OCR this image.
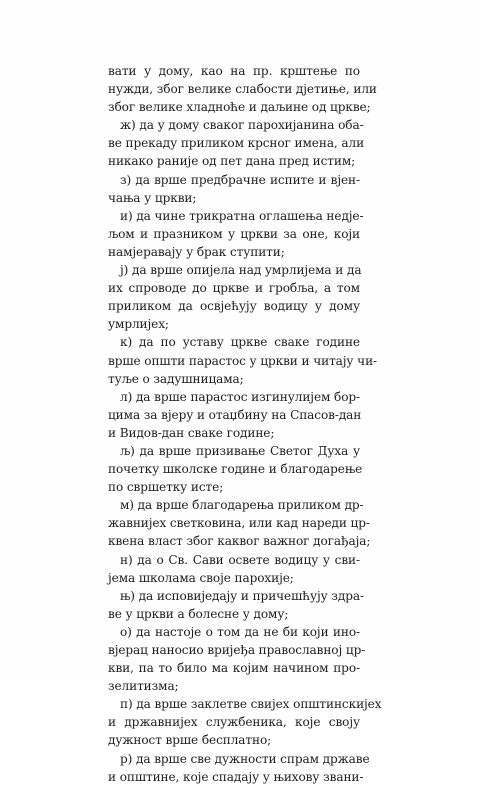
вати у дому, као на пр. крштење по
нужди, због велике слабости дјетиње, или
због велике хладноће и даљине од цркве;
ж) да у дому сваког парохијанина оба-
ве прекаду приликом крсног имена, али
никако раније од пет дана пред истим;
з) да врше предбрачне испите и вјен-
чања у цркви;
и) да чине трикратна оглашења недје-
љом и празником у цркви за оне, који
намјеравају у брак ступити;
ј) да врше опијела над умрлијема и да
их спроводе до цркве и гробља, а том
приликом да освјећују водицу у дому
умрлијех;
к) да по уставу цркве сваке године
врше општи парастос у цркви и читају чи-
туље о задушницама;
л) да врше парастос изгинулијем бор-
цима за вјеру и отаџбину на Спасов-дан
и Видов-дан сваке године;
љ) да врше призивање Светог Духа у
почетку школске године и благодарење
по свршетку исте;
м) да врше благодарења приликом др-
жавнијех светковина, или кад нареди цр-
квена власт због каквог важног догађаја;
н) да о Св. Сави освете водицу у сви-
јема школама своје парохије;
њ) да исповиједају и причешћују здра-
ве у цркви а болесне у дому;
о) да настоје о том да не би који ино-
вјерац наносио вријеђа православној цр-
кви, па то било ма којим начином про-
зелитизма;
п) да врше заклетве свијех општинскијех
и државнијех службеника, које своју
дужност врше бесплатно;
р) да врше све дужности спрам државе
и општине, које спадају у њихову звани-
